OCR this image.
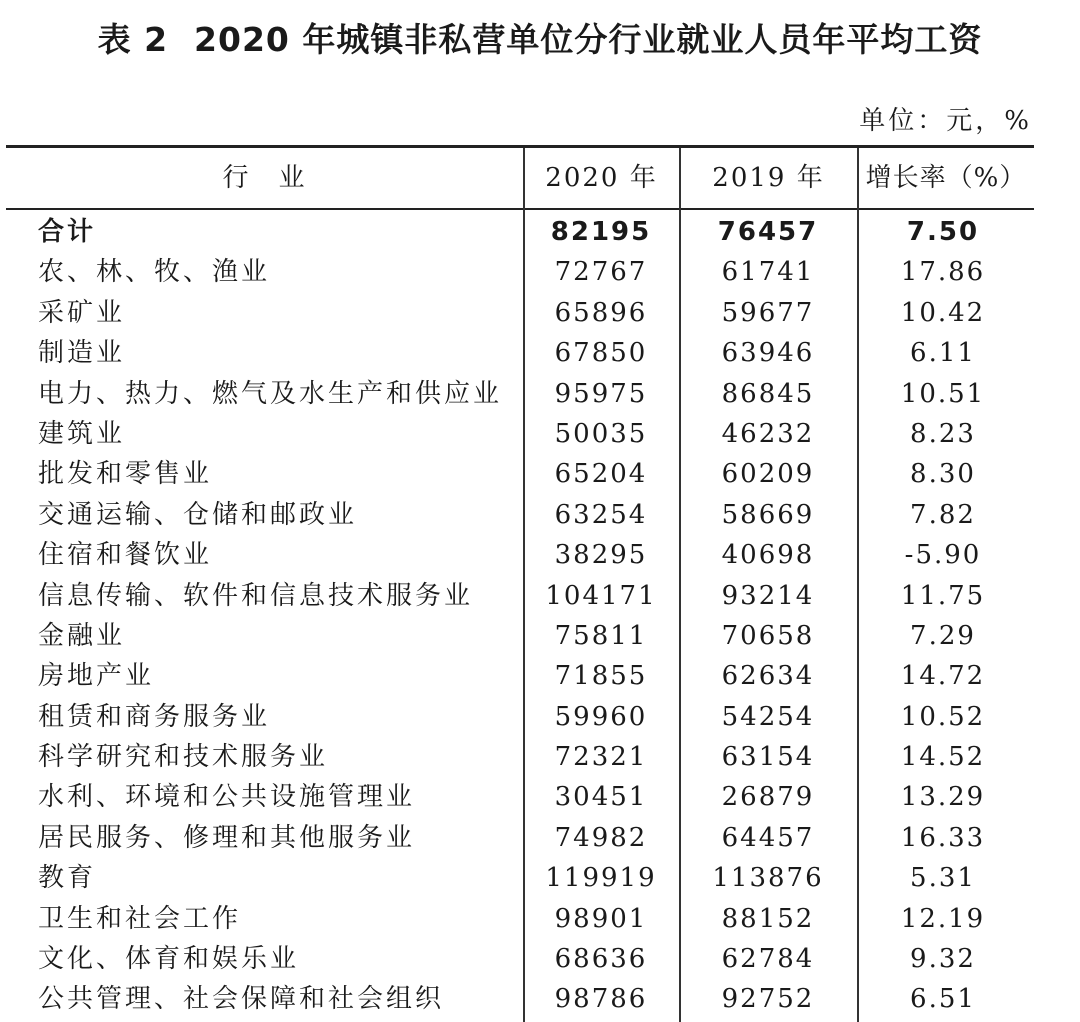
表 2 2020 年城镇非私营单位分行业就业人员年平均工资
单位：元，%
行　业	2020 年	2019 年	增长率（%）
合计	82195	76457	7.50
农、林、牧、渔业	72767	61741	17.86
采矿业	65896	59677	10.42
制造业	67850	63946	6.11
电力、热力、燃气及水生产和供应业	95975	86845	10.51
建筑业	50035	46232	8.23
批发和零售业	65204	60209	8.30
交通运输、仓储和邮政业	63254	58669	7.82
住宿和餐饮业	38295	40698	-5.90
信息传输、软件和信息技术服务业	104171	93214	11.75
金融业	75811	70658	7.29
房地产业	71855	62634	14.72
租赁和商务服务业	59960	54254	10.52
科学研究和技术服务业	72321	63154	14.52
水利、环境和公共设施管理业	30451	26879	13.29
居民服务、修理和其他服务业	74982	64457	16.33
教育	119919	113876	5.31
卫生和社会工作	98901	88152	12.19
文化、体育和娱乐业	68636	62784	9.32
公共管理、社会保障和社会组织	98786	92752	6.51
